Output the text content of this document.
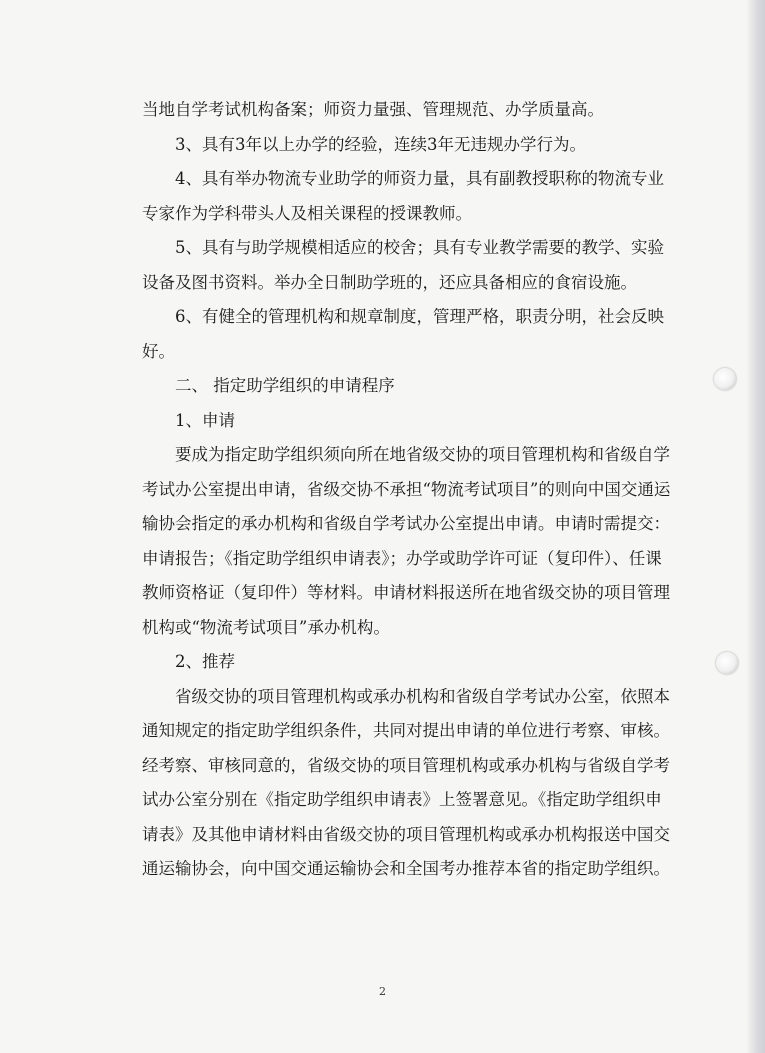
当地自学考试机构备案；师资力量强、管理规范、办学质量高。

3、具有3年以上办学的经验，连续3年无违规办学行为。

4、具有举办物流专业助学的师资力量，具有副教授职称的物流专业专家作为学科带头人及相关课程的授课教师。

5、具有与助学规模相适应的校舍；具有专业教学需要的教学、实验设备及图书资料。举办全日制助学班的，还应具备相应的食宿设施。

6、有健全的管理机构和规章制度，管理严格，职责分明，社会反映好。

二、 指定助学组织的申请程序

1、申请

要成为指定助学组织须向所在地省级交协的项目管理机构和省级自学考试办公室提出申请，省级交协不承担“物流考试项目”的则向中国交通运输协会指定的承办机构和省级自学考试办公室提出申请。申请时需提交：申请报告；《指定助学组织申请表》；办学或助学许可证（复印件）、任课教师资格证（复印件）等材料。申请材料报送所在地省级交协的项目管理机构或“物流考试项目”承办机构。

2、推荐

省级交协的项目管理机构或承办机构和省级自学考试办公室，依照本通知规定的指定助学组织条件，共同对提出申请的单位进行考察、审核。经考察、审核同意的，省级交协的项目管理机构或承办机构与省级自学考试办公室分别在《指定助学组织申请表》上签署意见。《指定助学组织申请表》及其他申请材料由省级交协的项目管理机构或承办机构报送中国交通运输协会，向中国交通运输协会和全国考办推荐本省的指定助学组织。

2
